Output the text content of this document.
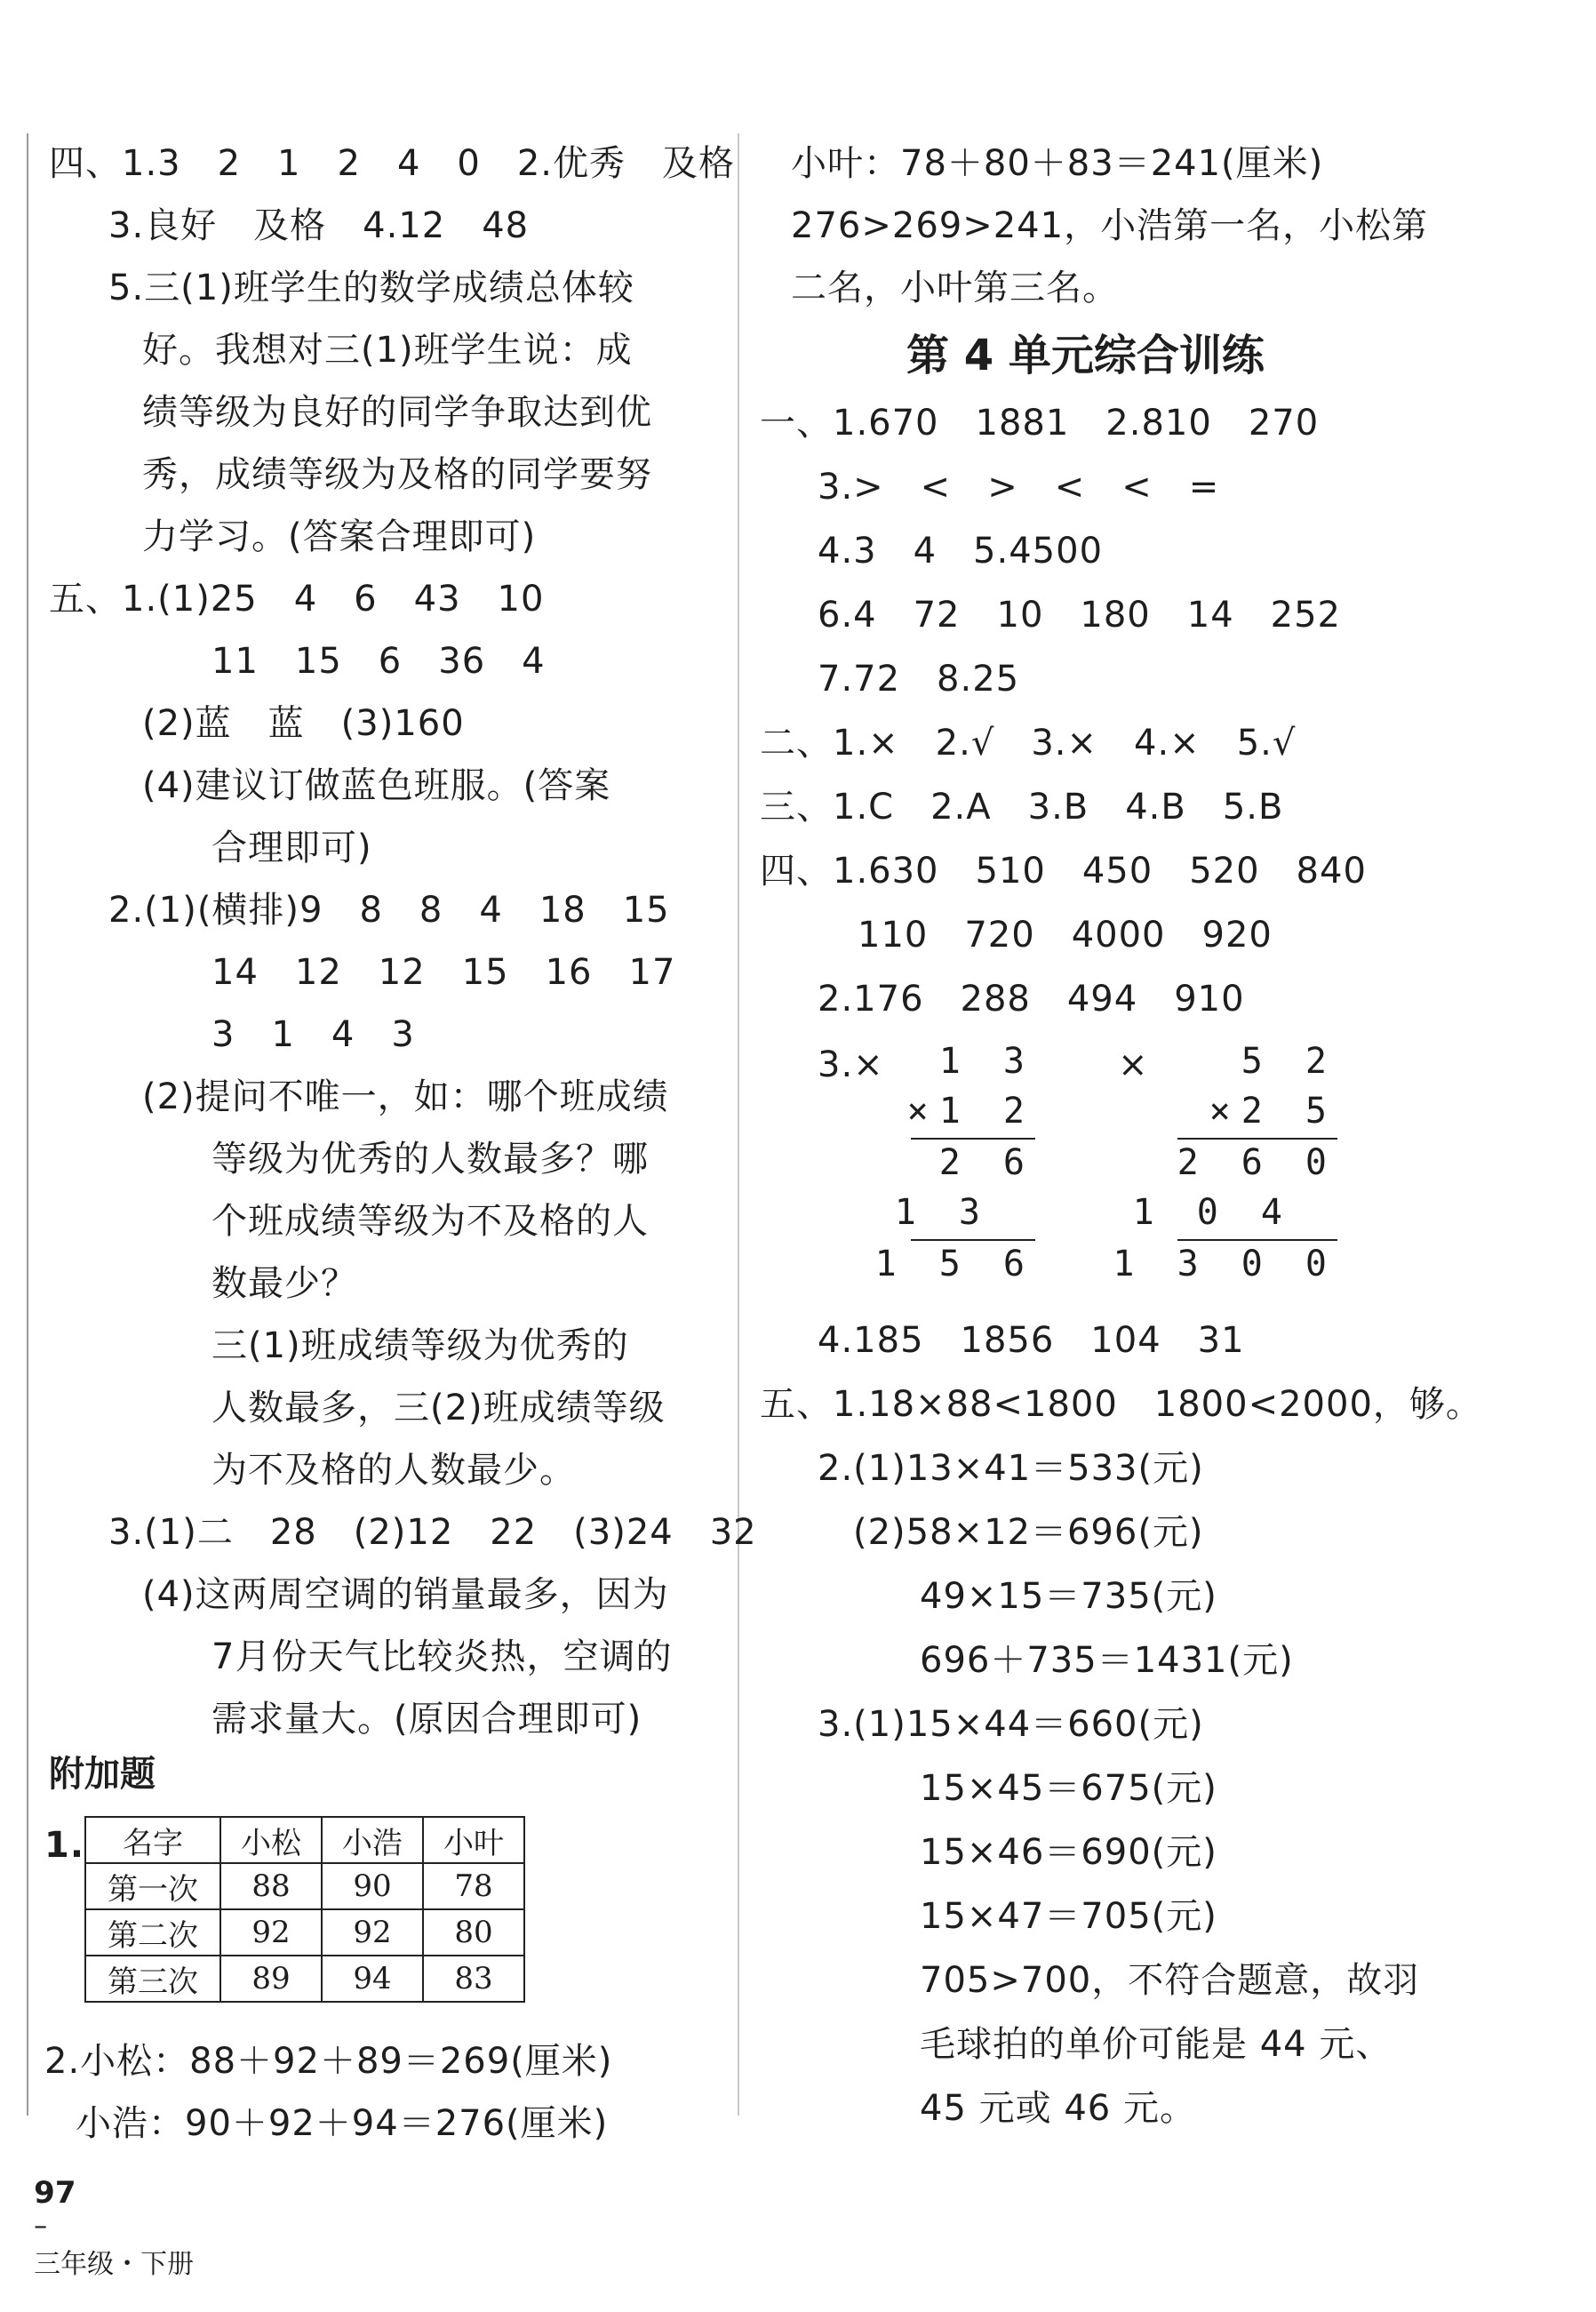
四、1.3　2　1　2　4　0　2.优秀　及格
3.良好　及格　4.12　48
5.三(1)班学生的数学成绩总体较
好。我想对三(1)班学生说：成
绩等级为良好的同学争取达到优
秀，成绩等级为及格的同学要努
力学习。(答案合理即可)
五、1.(1)25　4　6　43　10
11　15　6　36　4
(2)蓝　蓝　(3)160
(4)建议订做蓝色班服。(答案
合理即可)
2.(1)(横排)9　8　8　4　18　15
14　12　12　15　16　17
3　1　4　3
(2)提问不唯一，如：哪个班成绩
等级为优秀的人数最多？哪
个班成绩等级为不及格的人
数最少？
三(1)班成绩等级为优秀的
人数最多，三(2)班成绩等级
为不及格的人数最少。
3.(1)二　28　(2)12　22　(3)24　32
(4)这两周空调的销量最多，因为
7月份天气比较炎热，空调的
需求量大。(原因合理即可)
附加题
1. 名字	小松	小浩	小叶
第一次	88	90	78
第二次	92	92	80
第三次	89	94	83
2.小松：88＋92＋89＝269(厘米)
小浩：90＋92＋94＝276(厘米)
小叶：78＋80＋83＝241(厘米)
276>269>241，小浩第一名，小松第
二名，小叶第三名。
第 4 单元综合训练
一、1.670　1881　2.810　270
3.>　<　>　<　<　=
4.3　4　5.4500
6.4　72　10　180　14　252
7.72　8.25
二、1.×　2.√　3.×　4.×　5.√
三、1.C　2.A　3.B　4.B　5.B
四、1.630　510　450　520　840
110　720　4000　920
2.176　288　494　910
3.×	×
1 3
×1 2
2 6
1 3
1 5 6
5 2
×2 5
2 6 0
1 0 4
1 3 0 0
4.185　1856　104　31
五、1.18×88<1800　1800<2000，够。
2.(1)13×41＝533(元)
(2)58×12＝696(元)
49×15＝735(元)
696＋735＝1431(元)
3.(1)15×44＝660(元)
15×45＝675(元)
15×46＝690(元)
15×47＝705(元)
705>700，不符合题意，故羽
毛球拍的单价可能是 44 元、
45 元或 46 元。

97
–
三年级・下册
